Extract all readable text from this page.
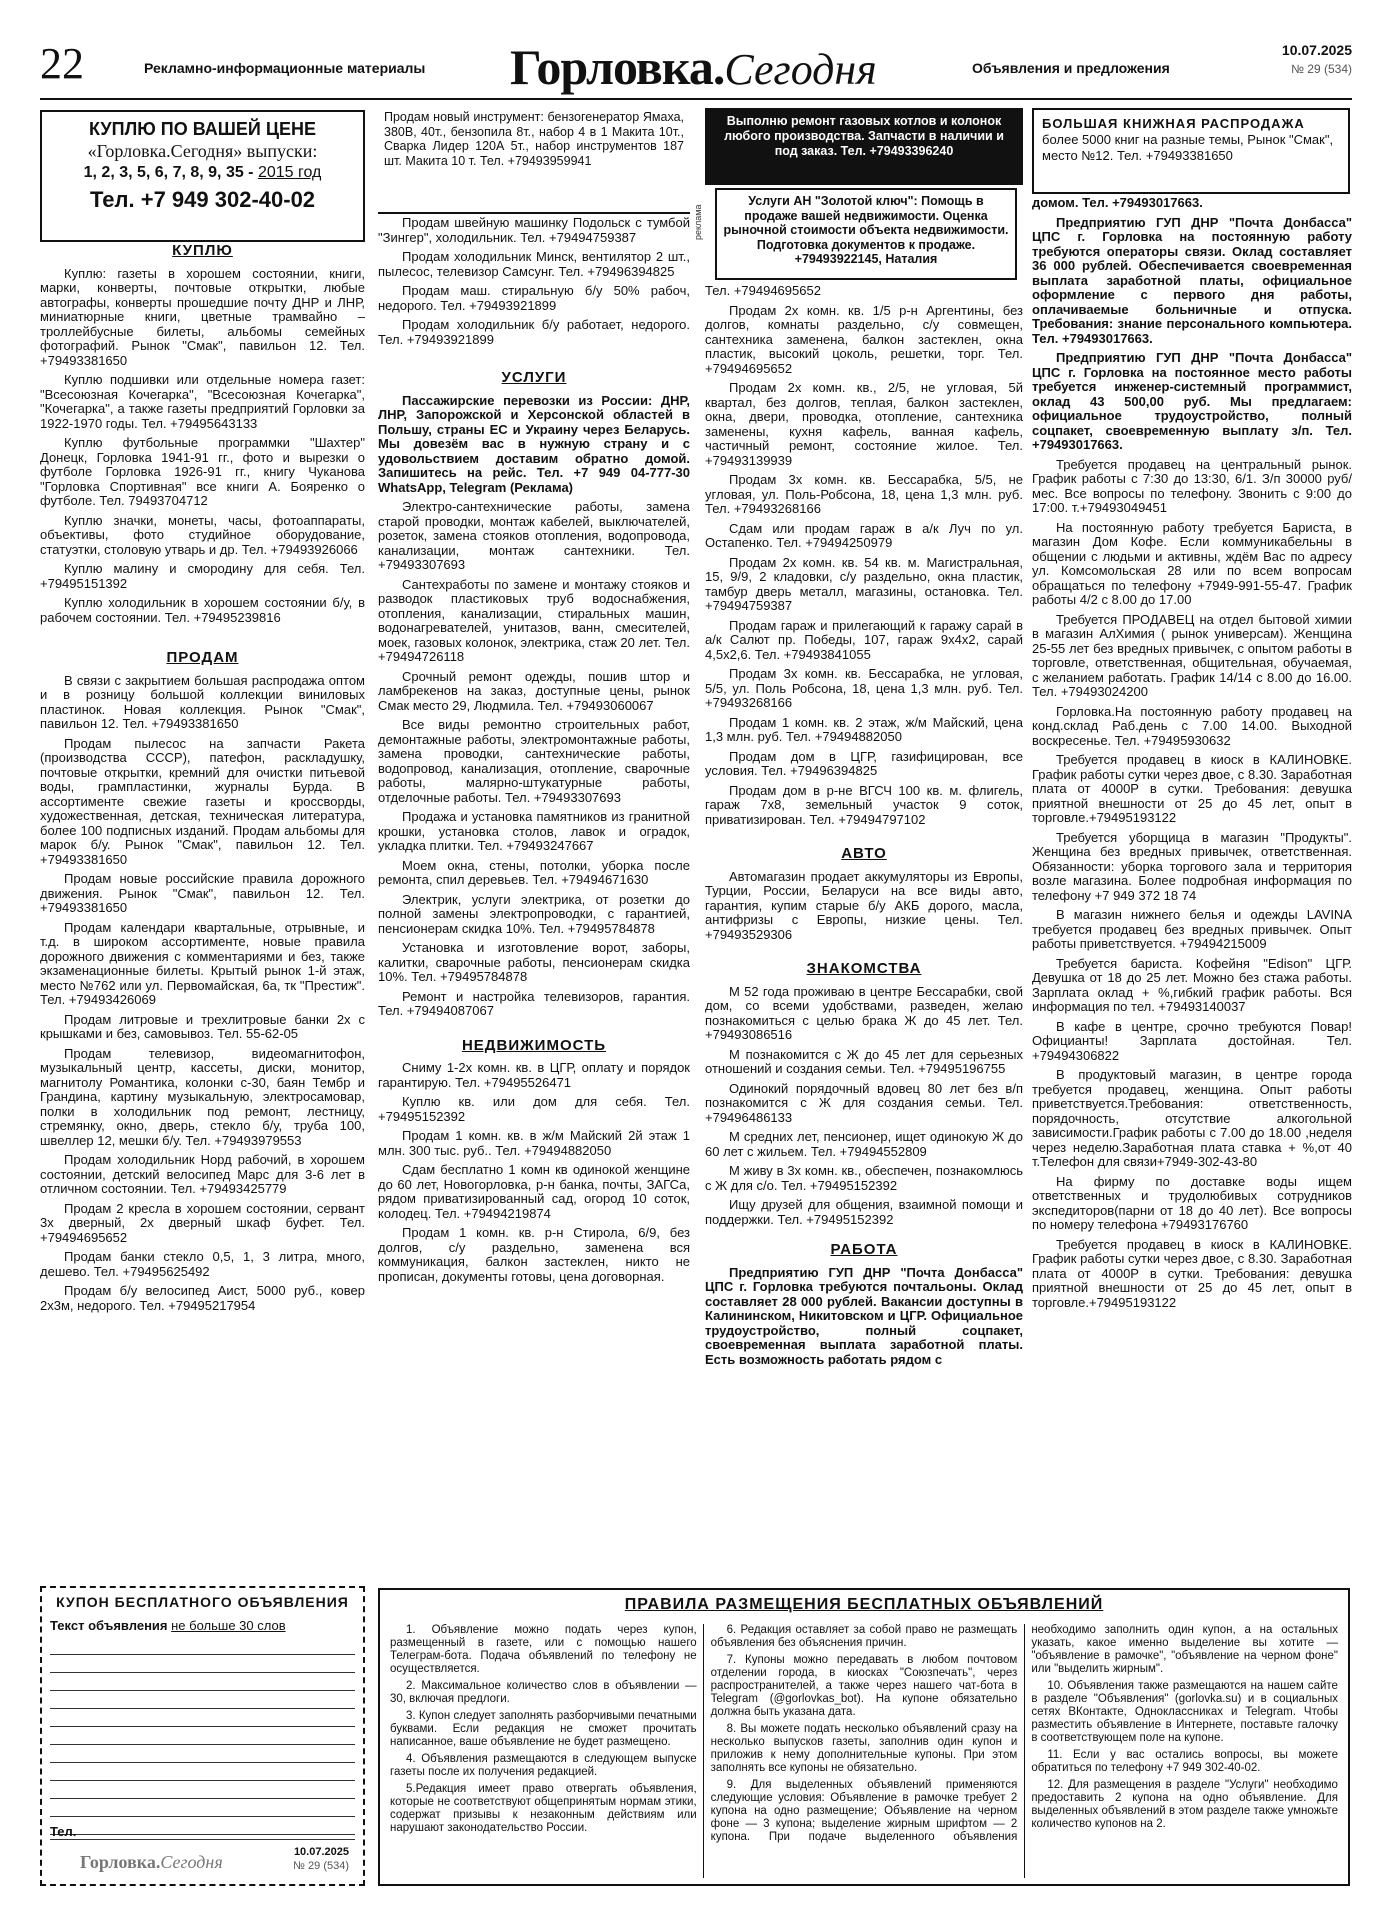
22	Рекламно-информационные материалы Горловка.Сегодня	Объявления и предложения
10.07.2025
№ 29 (534)
КУПЛЮ ПО ВАШЕЙ ЦЕНЕ
«Горловка.Сегодня» выпуски:
1, 2, 3, 5, 6, 7, 8, 9, 35 - 2015 год
Тел. +7 949 302-40-02
Продам новый инструмент: бензогенератор Ямаха, 380В, 40т., бензопила 8т., набор 4 в 1 Макита 10т., Сварка Лидер 120А 5т., набор инструментов 187 шт. Макита 10 т. Тел. +79493959941
Выполню ремонт газовых котлов и колонок любого производства. Запчасти в наличии и под заказ. Тел. +79493396240
реклама
Услуги АН "Золотой ключ": Помощь в продаже вашей недвижимости. Оценка рыночной стоимости объекта недвижимости. Подготовка документов к продаже. +79493922145, Наталия
БОЛЬШАЯ КНИЖНАЯ РАСПРОДАЖА
более 5000 книг на разные темы, Рынок "Смак", место №12. Тел. +79493381650
КУПЛЮ

Куплю: газеты в хорошем состоянии, книги, марки, конверты, почтовые открытки, любые автографы, конверты прошедшие почту ДНР и ЛНР, миниатюрные книги, цветные трамвайно – троллейбусные билеты, альбомы семейных фотографий. Рынок "Смак", павильон 12. Тел. +79493381650

Куплю подшивки или отдельные номера газет: "Всесоюзная Кочегарка", "Всесоюзная Кочегарка", "Кочегарка", а также газеты предприятий Горловки за 1922-1970 годы. Тел. +79495643133

Куплю футбольные программки "Шахтер" Донецк, Горловка 1941-91 гг., фото и вырезки о футболе Горловка 1926-91 гг., книгу Чуканова "Горловка Спортивная" все книги А. Бояренко о футболе. Тел. 79493704712

Куплю значки, монеты, часы, фотоаппараты, объективы, фото студийное оборудование, статуэтки, столовую утварь и др. Тел. +79493926066

Куплю малину и смородину для себя. Тел. +79495151392

Куплю холодильник в хорошем состоянии б/у, в рабочем состоянии. Тел. +79495239816

ПРОДАМ

В связи с закрытием большая распродажа оптом и в розницу большой коллекции виниловых пластинок. Новая коллекция. Рынок "Смак", павильон 12. Тел. +79493381650

Продам пылесос на запчасти Ракета (производства СССР), патефон, раскладушку, почтовые открытки, кремний для очистки питьевой воды, грампластинки, журналы Бурда. В ассортименте свежие газеты и кроссворды, художественная, детская, техническая литература, более 100 подписных изданий. Продам альбомы для марок б/у. Рынок "Смак", павильон 12. Тел. +79493381650

Продам новые российские правила дорожного движения. Рынок "Смак", павильон 12. Тел. +79493381650

Продам календари квартальные, отрывные, и т.д. в широком ассортименте, новые правила дорожного движения с комментариями и без, также экзаменационные билеты. Крытый рынок 1-й этаж, место №762 или ул. Первомайская, 6а, тк "Престиж". Тел. +79493426069

Продам литровые и трехлитровые банки 2х с крышками и без, самовывоз. Тел. 55-62-05

Продам телевизор, видеомагнитофон, музыкальный центр, кассеты, диски, монитор, магнитолу Романтика, колонки с-30, баян Тембр и Грандина, картину музыкальную, электросамовар, полки в холодильник под ремонт, лестницу, стремянку, окно, дверь, стекло б/у, труба 100, швеллер 12, мешки б/у. Тел. +79493979553

Продам холодильник Норд рабочий, в хорошем состоянии, детский велосипед Марс для 3-6 лет в отличном состоянии. Тел. +79493425779

Продам 2 кресла в хорошем состоянии, сервант 3х дверный, 2х дверный шкаф буфет. Тел. +79494695652

Продам банки стекло 0,5, 1, 3 литра, много, дешево. Тел. +79495625492

Продам б/у велосипед Аист, 5000 руб., ковер 2х3м, недорого. Тел. +79495217954

Продам швейную машинку Подольск с тумбой "Зингер", холодильник. Тел. +79494759387

Продам холодильник Минск, вентилятор 2 шт., пылесос, телевизор Самсунг. Тел. +79496394825

Продам маш. стиральную б/у 50% рабоч, недорого. Тел. +79493921899

Продам холодильник б/у работает, недорого. Тел. +79493921899

УСЛУГИ

Пассажирские перевозки из России: ДНР, ЛНР, Запорожской и Херсонской областей в Польшу, страны ЕС и Украину через Беларусь. Мы довезём вас в нужную страну и с удовольствием доставим обратно домой. Запишитесь на рейс. Тел. +7 949 04-777-30 WhatsApp, Telegram (Реклама)

Электро-сантехнические работы, замена старой проводки, монтаж кабелей, выключателей, розеток, замена стояков отопления, водопровода, канализации, монтаж сантехники. Тел. +79493307693

Сантехработы по замене и монтажу стояков и разводок пластиковых труб водоснабжения, отопления, канализации, стиральных машин, водонагревателей, унитазов, ванн, смесителей, моек, газовых колонок, электрика, стаж 20 лет. Тел. +79494726118

Срочный ремонт одежды, пошив штор и ламбрекенов на заказ, доступные цены, рынок Смак место 29, Людмила. Тел. +79493060067

Все виды ремонтно строительных работ, демонтажные работы, электромонтажные работы, замена проводки, сантехнические работы, водопровод, канализация, отопление, сварочные работы, малярно-штукатурные работы, отделочные работы. Тел. +79493307693

Продажа и установка памятников из гранитной крошки, установка столов, лавок и оградок, укладка плитки. Тел. +79493247667

Моем окна, стены, потолки, уборка после ремонта, спил деревьев. Тел. +79494671630

Электрик, услуги электрика, от розетки до полной замены электропроводки, с гарантией, пенсионерам скидка 10%. Тел. +79495784878

Установка и изготовление ворот, заборы, калитки, сварочные работы, пенсионерам скидка 10%. Тел. +79495784878

Ремонт и настройка телевизоров, гарантия. Тел. +79494087067

НЕДВИЖИМОСТЬ

Сниму 1-2х комн. кв. в ЦГР, оплату и порядок гарантирую. Тел. +79495526471

Куплю кв. или дом для себя. Тел. +79495152392

Продам 1 комн. кв. в ж/м Майский 2й этаж 1 млн. 300 тыс. руб.. Тел. +79494882050

Сдам бесплатно 1 комн кв одинокой женщине до 60 лет, Новогорловка, р-н банка, почты, ЗАГСа, рядом приватизированный сад, огород 10 соток, колодец. Тел. +79494219874

Продам 1 комн. кв. р-н Стирола, 6/9, без долгов, с/у раздельно, заменена вся коммуникация, балкон застеклен, никто не прописан, документы готовы, цена договорная.

Тел. +79494695652

Продам 2х комн. кв. 1/5 р-н Аргентины, без долгов, комнаты раздельно, с/у совмещен, сантехника заменена, балкон застеклен, окна пластик, высокий цоколь, решетки, торг. Тел. +79494695652

Продам 2х комн. кв., 2/5, не угловая, 5й квартал, без долгов, теплая, балкон застеклен, окна, двери, проводка, отопление, сантехника заменены, кухня кафель, ванная кафель, частичный ремонт, состояние жилое. Тел. +79493139939

Продам 3х комн. кв. Бессарабка, 5/5, не угловая, ул. Поль-Робсона, 18, цена 1,3 млн. руб. Тел. +79493268166

Сдам или продам гараж в а/к Луч по ул. Остапенко. Тел. +79494250979

Продам 2х комн. кв. 54 кв. м. Магистральная, 15, 9/9, 2 кладовки, с/у раздельно, окна пластик, тамбур дверь металл, магазины, остановка. Тел. +79494759387

Продам гараж и прилегающий к гаражу сарай в а/к Салют пр. Победы, 107, гараж 9х4х2, сарай 4,5х2,6. Тел. +79493841055

Продам 3х комн. кв. Бессарабка, не угловая, 5/5, ул. Поль Робсона, 18, цена 1,3 млн. руб. Тел. +79493268166

Продам 1 комн. кв. 2 этаж, ж/м Майский, цена 1,3 млн. руб. Тел. +79494882050

Продам дом в ЦГР, газифицирован, все условия. Тел. +79496394825

Продам дом в р-не ВГСЧ 100 кв. м. флигель, гараж 7х8, земельный участок 9 соток, приватизирован. Тел. +79494797102

АВТО

Автомагазин продает аккумуляторы из Европы, Турции, России, Беларуси на все виды авто, гарантия, купим старые б/у АКБ дорого, масла, антифризы с Европы, низкие цены. Тел. +79493529306

ЗНАКОМСТВА

М 52 года проживаю в центре Бессарабки, свой дом, со всеми удобствами, разведен, желаю познакомиться с целью брака Ж до 45 лет. Тел. +79493086516

М познакомится с Ж до 45 лет для серьезных отношений и создания семьи. Тел. +79495196755

Одинокий порядочный вдовец 80 лет без в/п познакомится с Ж для создания семьи. Тел. +79496486133

М средних лет, пенсионер, ищет одинокую Ж до 60 лет с жильем. Тел. +79494552809

М живу в 3х комн. кв., обеспечен, познакомлюсь с Ж для с/о. Тел. +79495152392

Ищу друзей для общения, взаимной помощи и поддержки. Тел. +79495152392

РАБОТА

Предприятию ГУП ДНР "Почта Донбасса" ЦПС г. Горловка требуются почтальоны. Оклад составляет 28 000 рублей. Вакансии доступны в Калининском, Никитовском и ЦГР. Официальное трудоустройство, полный соцпакет, своевременная выплата заработной платы. Есть возможность работать рядом с

домом. Тел. +79493017663.

Предприятию ГУП ДНР "Почта Донбасса" ЦПС г. Горловка на постоянную работу требуются операторы связи. Оклад составляет 36 000 рублей. Обеспечивается своевременная выплата заработной платы, официальное оформление с первого дня работы, оплачиваемые больничные и отпуска. Требования: знание персонального компьютера. Тел. +79493017663.

Предприятию ГУП ДНР "Почта Донбасса" ЦПС г. Горловка на постоянное место работы требуется инженер-системный программист, оклад 43 500,00 руб. Мы предлагаем: официальное трудоустройство, полный соцпакет, своевременную выплату з/п. Тел. +79493017663.

Требуется продавец на центральный рынок. График работы с 7:30 до 13:30, 6/1. З/п 30000 руб/ мес. Все вопросы по телефону. Звонить с 9:00 до 17:00. т.+79493049451

На постоянную работу требуется Бариста, в магазин Дом Кофе. Если коммуникабельны в общении с людьми и активны, ждём Вас по адресу ул. Комсомольская 28 или по всем вопросам обращаться по телефону +7949-991-55-47. График работы 4/2 с 8.00 до 17.00

Требуется ПРОДАВЕЦ на отдел бытовой химии в магазин АлХимия ( рынок универсам). Женщина 25-55 лет без вредных привычек, с опытом работы в торговле, ответственная, общительная, обучаемая, с желанием работать. График 14/14 с 8.00 до 16.00. Тел. +79493024200

Горловка.На постоянную работу продавец на конд.склад Раб.день с 7.00 14.00. Выходной воскресенье. Тел. +79495930632

Требуется продавец в киоск в КАЛИНОВКЕ. График работы сутки через двое, с 8.30. Заработная плата от 4000Р в сутки. Требования: девушка приятной внешности от 25 до 45 лет, опыт в торговле.+79495193122

Требуется уборщица в магазин "Продукты". Женщина без вредных привычек, ответственная. Обязанности: уборка торгового зала и территория возле магазина. Более подробная информация по телефону +7 949 372 18 74

В магазин нижнего белья и одежды LAVINA требуется продавец без вредных привычек. Опыт работы приветствуется. +79494215009

Требуется бариста. Кофейня "Edison" ЦГР. Девушка от 18 до 25 лет. Можно без стажа работы. Зарплата оклад + %,гибкий график работы. Вся информация по тел. +79493140037

В кафе в центре, срочно требуются Повар! Официанты! Зарплата достойная. Тел. +79494306822

В продуктовый магазин, в центре города требуется продавец, женщина. Опыт работы приветствуется.Требования: ответственность, порядочность, отсутствие алкогольной зависимости.График работы с 7.00 до 18.00 ,неделя через неделю.Заработная плата ставка + %,от 40 т.Телефон для связи+7949-302-43-80

На фирму по доставке воды ищем ответственных и трудолюбивых сотрудников экспедиторов(парни от 18 до 40 лет). Все вопросы по номеру телефона +79493176760

Требуется продавец в киоск в КАЛИНОВКЕ. График работы сутки через двое, с 8.30. Заработная плата от 4000Р в сутки. Требования: девушка приятной внешности от 25 до 45 лет, опыт в торговле.+79495193122

КУПОН БЕСПЛАТНОГО ОБЪЯВЛЕНИЯ
Текст объявления не больше 30 слов
Тел.
Горловка.Сегодня	10.07.2025
№ 29 (534)
ПРАВИЛА РАЗМЕЩЕНИЯ БЕСПЛАТНЫХ ОБЪЯВЛЕНИЙ

1. Объявление можно подать через купон, размещенный в газете, или с помощью нашего Телеграм-бота. Подача объявлений по телефону не осуществляется.

2. Максимальное количество слов в объявлении — 30, включая предлоги.

3. Купон следует заполнять разборчивыми печатными буквами. Если редакция не сможет прочитать написанное, ваше объявление не будет размещено.

4. Объявления размещаются в следующем выпуске газеты после их получения редакцией.

5.Редакция имеет право отвергать объявления, которые не соответствуют общепринятым нормам этики, содержат призывы к незаконным действиям или нарушают законодательство России.

6. Редакция оставляет за собой право не размещать объявления без объяснения причин.

7. Купоны можно передавать в любом почтовом отделении города, в киосках "Союзпечать", через распространителей, а также через нашего чат-бота в Telegram (@gorlovkas_bot). На купоне обязательно должна быть указана дата.

8. Вы можете подать несколько объявлений сразу на несколько выпусков газеты, заполнив один купон и приложив к нему дополнительные купоны. При этом заполнять все купоны не обязательно.

9. Для выделенных объявлений применяются следующие условия: Объявление в рамочке требует 2 купона на одно размещение; Объявление на черном фоне — 3 купона; выделение жирным шрифтом — 2 купона. При подаче выделенного объявления необходимо заполнить один купон, а на остальных указать, какое именно выделение вы хотите — "объявление в рамочке", "объявление на черном фоне" или "выделить жирным".

10. Объявления также размещаются на нашем сайте в разделе "Объявления" (gorlovka.su) и в социальных сетях ВКонтакте, Одноклассниках и Telegram. Чтобы разместить объявление в Интернете, поставьте галочку в соответствующем поле на купоне.

11. Если у вас остались вопросы, вы можете обратиться по телефону +7 949 302-40-02.

12. Для размещения в разделе "Услуги" необходимо предоставить 2 купона на одно объявление. Для выделенных объявлений в этом разделе также умножьте количество купонов на 2.
